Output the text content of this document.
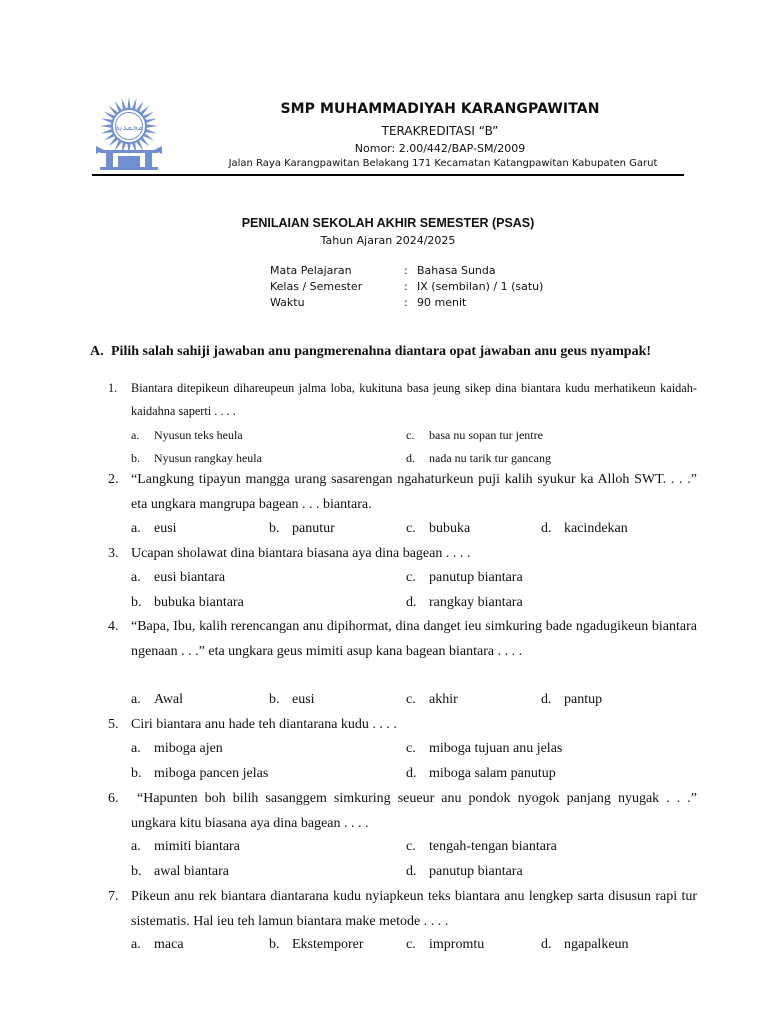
محمدية
SMP MUHAMMADIYAH KARANGPAWITAN
TERAKREDITASI “B”
Nomor: 2.00/442/BAP-SM/2009
Jalan Raya Karangpawitan Belakang 171 Kecamatan Katangpawitan Kabupaten Garut
PENILAIAN SEKOLAH AKHIR SEMESTER (PSAS)
Tahun Ajaran 2024/2025
Mata Pelajaran	: Bahasa Sunda
Kelas / Semester	: IX (sembilan) / 1 (satu)
Waktu	: 90 menit
A. Pilih salah sahiji jawaban anu pangmerenahna diantara opat jawaban anu geus nyampak!
1.	Biantara ditepikeun dihareupeun jalma loba, kukituna basa jeung sikep dina biantara kudu merhatikeun kaidah-kaidahna saperti . . . .
a. Nyusun teks heula
b. Nyusun rangkay heula
c. basa nu sopan tur jentre
d. nada nu tarik tur gancang
2. “Langkung tipayun mangga urang sasarengan ngahaturkeun puji kalih syukur ka Alloh SWT. . . .” eta ungkara mangrupa bagean . . . biantara.
a. eusi	b. panutur	c. bubuka	d. kacindekan
3. Ucapan sholawat dina biantara biasana aya dina bagean . . . .
a. eusi biantara
b. bubuka biantara
c. panutup biantara
d. rangkay biantara
4. “Bapa, Ibu, kalih rerencangan anu dipihormat, dina danget ieu simkuring bade ngadugikeun biantara ngenaan . . .” eta ungkara geus mimiti asup kana bagean biantara . . . .
a. Awal	b. eusi	c. akhir	d. pantup
5. Ciri biantara anu hade teh diantarana kudu . . . .
a. miboga ajen
b. miboga pancen jelas
c. miboga tujuan anu jelas
d. miboga salam panutup
6.	“Hapunten boh bilih sasanggem simkuring seueur anu pondok nyogok panjang nyugak . . .” ungkara kitu biasana aya dina bagean . . . .
a. mimiti biantara
b. awal biantara
c. tengah-tengan biantara
d. panutup biantara
7. Pikeun anu rek biantara diantarana kudu nyiapkeun teks biantara anu lengkep sarta disusun rapi tur sistematis. Hal ieu teh lamun biantara make metode . . . .
a. maca	b. Ekstemporer	c. impromtu	d. ngapalkeun
